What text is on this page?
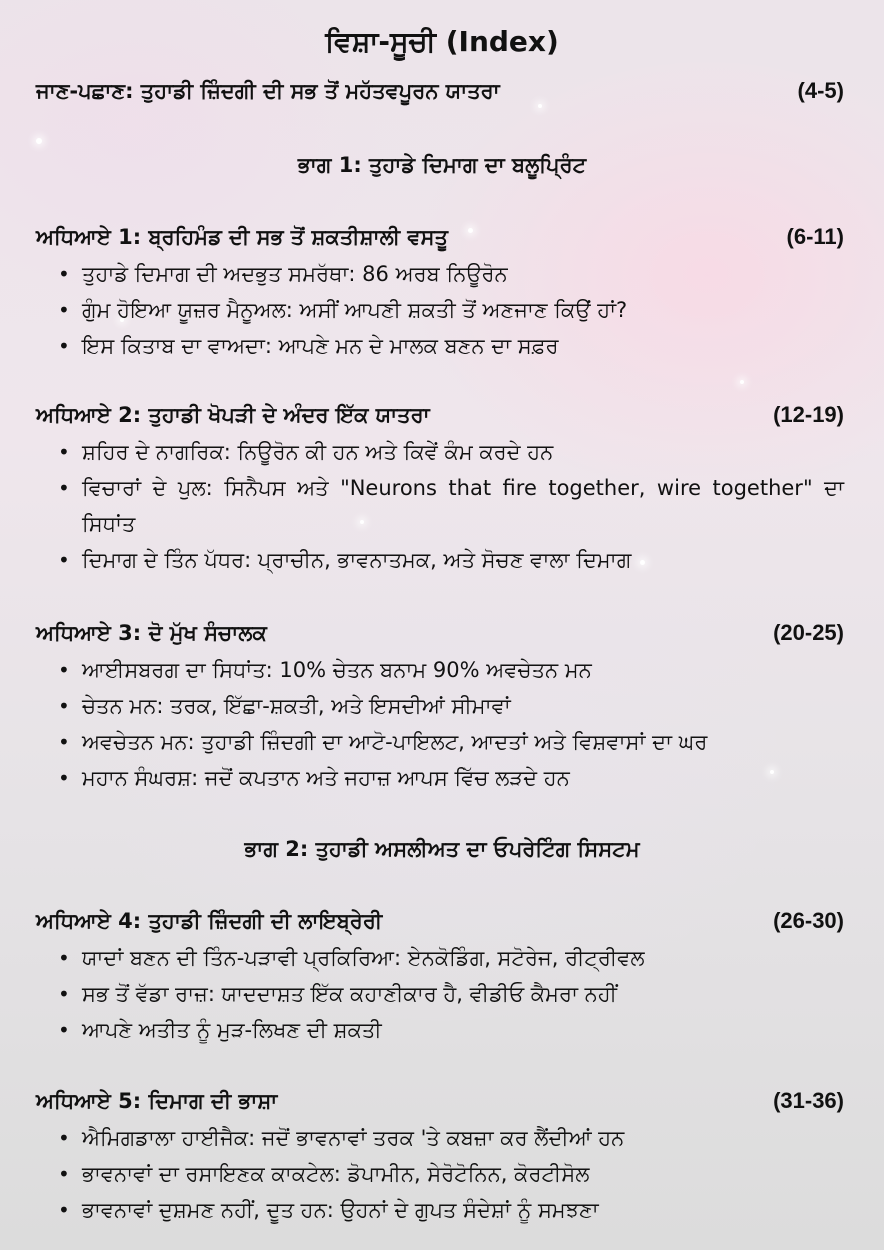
ਵਿਸ਼ਾ-ਸੂਚੀ (Index)
ਜਾਣ-ਪਛਾਣ: ਤੁਹਾਡੀ ਜ਼ਿੰਦਗੀ ਦੀ ਸਭ ਤੋਂ ਮਹੱਤਵਪੂਰਨ ਯਾਤਰਾ	(4-5)
ਭਾਗ 1: ਤੁਹਾਡੇ ਦਿਮਾਗ ਦਾ ਬਲੂਪ੍ਰਿੰਟ
ਅਧਿਆਏ 1: ਬ੍ਰਹਿਮੰਡ ਦੀ ਸਭ ਤੋਂ ਸ਼ਕਤੀਸ਼ਾਲੀ ਵਸਤੂ	(6-11)
• ਤੁਹਾਡੇ ਦਿਮਾਗ ਦੀ ਅਦਭੁਤ ਸਮਰੱਥਾ: 86 ਅਰਬ ਨਿਊਰੋਨ
• ਗੁੰਮ ਹੋਇਆ ਯੂਜ਼ਰ ਮੈਨੂਅਲ: ਅਸੀਂ ਆਪਣੀ ਸ਼ਕਤੀ ਤੋਂ ਅਣਜਾਣ ਕਿਉਂ ਹਾਂ?
• ਇਸ ਕਿਤਾਬ ਦਾ ਵਾਅਦਾ: ਆਪਣੇ ਮਨ ਦੇ ਮਾਲਕ ਬਣਨ ਦਾ ਸਫ਼ਰ
ਅਧਿਆਏ 2: ਤੁਹਾਡੀ ਖੋਪੜੀ ਦੇ ਅੰਦਰ ਇੱਕ ਯਾਤਰਾ	(12-19)
• ਸ਼ਹਿਰ ਦੇ ਨਾਗਰਿਕ: ਨਿਊਰੋਨ ਕੀ ਹਨ ਅਤੇ ਕਿਵੇਂ ਕੰਮ ਕਰਦੇ ਹਨ
• ਵਿਚਾਰਾਂ ਦੇ ਪੁਲ: ਸਿਨੈਪਸ ਅਤੇ "Neurons that fire together, wire together" ਦਾ ਸਿਧਾਂਤ
• ਦਿਮਾਗ ਦੇ ਤਿੰਨ ਪੱਧਰ: ਪ੍ਰਾਚੀਨ, ਭਾਵਨਾਤਮਕ, ਅਤੇ ਸੋਚਣ ਵਾਲਾ ਦਿਮਾਗ
ਅਧਿਆਏ 3: ਦੋ ਮੁੱਖ ਸੰਚਾਲਕ	(20-25)
• ਆਈਸਬਰਗ ਦਾ ਸਿਧਾਂਤ: 10% ਚੇਤਨ ਬਨਾਮ 90% ਅਵਚੇਤਨ ਮਨ
• ਚੇਤਨ ਮਨ: ਤਰਕ, ਇੱਛਾ-ਸ਼ਕਤੀ, ਅਤੇ ਇਸਦੀਆਂ ਸੀਮਾਵਾਂ
• ਅਵਚੇਤਨ ਮਨ: ਤੁਹਾਡੀ ਜ਼ਿੰਦਗੀ ਦਾ ਆਟੋ-ਪਾਇਲਟ, ਆਦਤਾਂ ਅਤੇ ਵਿਸ਼ਵਾਸਾਂ ਦਾ ਘਰ
• ਮਹਾਨ ਸੰਘਰਸ਼: ਜਦੋਂ ਕਪਤਾਨ ਅਤੇ ਜਹਾਜ਼ ਆਪਸ ਵਿੱਚ ਲੜਦੇ ਹਨ
ਭਾਗ 2: ਤੁਹਾਡੀ ਅਸਲੀਅਤ ਦਾ ਓਪਰੇਟਿੰਗ ਸਿਸਟਮ
ਅਧਿਆਏ 4: ਤੁਹਾਡੀ ਜ਼ਿੰਦਗੀ ਦੀ ਲਾਇਬ੍ਰੇਰੀ	(26-30)
• ਯਾਦਾਂ ਬਣਨ ਦੀ ਤਿੰਨ-ਪੜਾਵੀ ਪ੍ਰਕਿਰਿਆ: ਏਨਕੋਡਿੰਗ, ਸਟੋਰੇਜ, ਰੀਟ੍ਰੀਵਲ
• ਸਭ ਤੋਂ ਵੱਡਾ ਰਾਜ਼: ਯਾਦਦਾਸ਼ਤ ਇੱਕ ਕਹਾਣੀਕਾਰ ਹੈ, ਵੀਡੀਓ ਕੈਮਰਾ ਨਹੀਂ
• ਆਪਣੇ ਅਤੀਤ ਨੂੰ ਮੁੜ-ਲਿਖਣ ਦੀ ਸ਼ਕਤੀ
ਅਧਿਆਏ 5: ਦਿਮਾਗ ਦੀ ਭਾਸ਼ਾ	(31-36)
• ਐਮਿਗਡਾਲਾ ਹਾਈਜੈਕ: ਜਦੋਂ ਭਾਵਨਾਵਾਂ ਤਰਕ 'ਤੇ ਕਬਜ਼ਾ ਕਰ ਲੈਂਦੀਆਂ ਹਨ
• ਭਾਵਨਾਵਾਂ ਦਾ ਰਸਾਇਣਕ ਕਾਕਟੇਲ: ਡੋਪਾਮੀਨ, ਸੇਰੋਟੋਨਿਨ, ਕੋਰਟੀਸੋਲ
• ਭਾਵਨਾਵਾਂ ਦੁਸ਼ਮਣ ਨਹੀਂ, ਦੂਤ ਹਨ: ਉਹਨਾਂ ਦੇ ਗੁਪਤ ਸੰਦੇਸ਼ਾਂ ਨੂੰ ਸਮਝਣਾ
